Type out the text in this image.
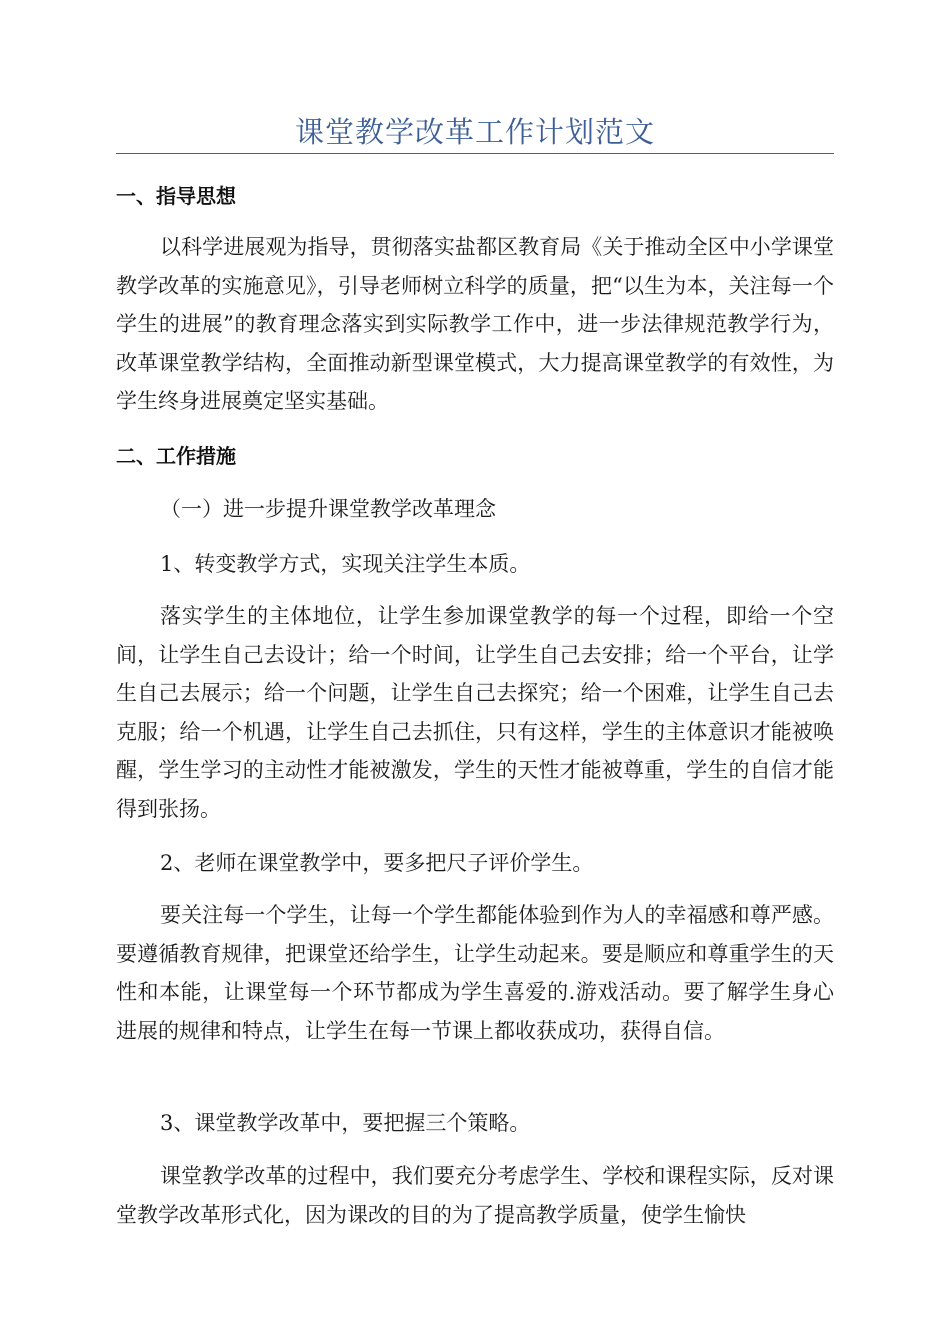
课堂教学改革工作计划范文
一、指导思想

以科学进展观为指导，贯彻落实盐都区教育局《关于推动全区中小学课堂教学改革的实施意见》，引导老师树立科学的质量，把“以生为本，关注每一个学生的进展”的教育理念落实到实际教学工作中，进一步法律规范教学行为，改革课堂教学结构，全面推动新型课堂模式，大力提高课堂教学的有效性，为学生终身进展奠定坚实基础。

二、工作措施
（一）进一步提升课堂教学改革理念
1、转变教学方式，实现关注学生本质。

落实学生的主体地位，让学生参加课堂教学的每一个过程，即给一个空间，让学生自己去设计；给一个时间，让学生自己去安排；给一个平台，让学生自己去展示；给一个问题，让学生自己去探究；给一个困难，让学生自己去克服；给一个机遇，让学生自己去抓住，只有这样，学生的主体意识才能被唤醒，学生学习的主动性才能被激发，学生的天性才能被尊重，学生的自信才能得到张扬。

2、老师在课堂教学中，要多把尺子评价学生。

要关注每一个学生，让每一个学生都能体验到作为人的幸福感和尊严感。要遵循教育规律，把课堂还给学生，让学生动起来。要是顺应和尊重学生的天性和本能，让课堂每一个环节都成为学生喜爱的.游戏活动。要了解学生身心进展的规律和特点，让学生在每一节课上都收获成功，获得自信。

3、课堂教学改革中，要把握三个策略。

课堂教学改革的过程中，我们要充分考虑学生、学校和课程实际，反对课堂教学改革形式化，因为课改的目的为了提高教学质量，使学生愉快
